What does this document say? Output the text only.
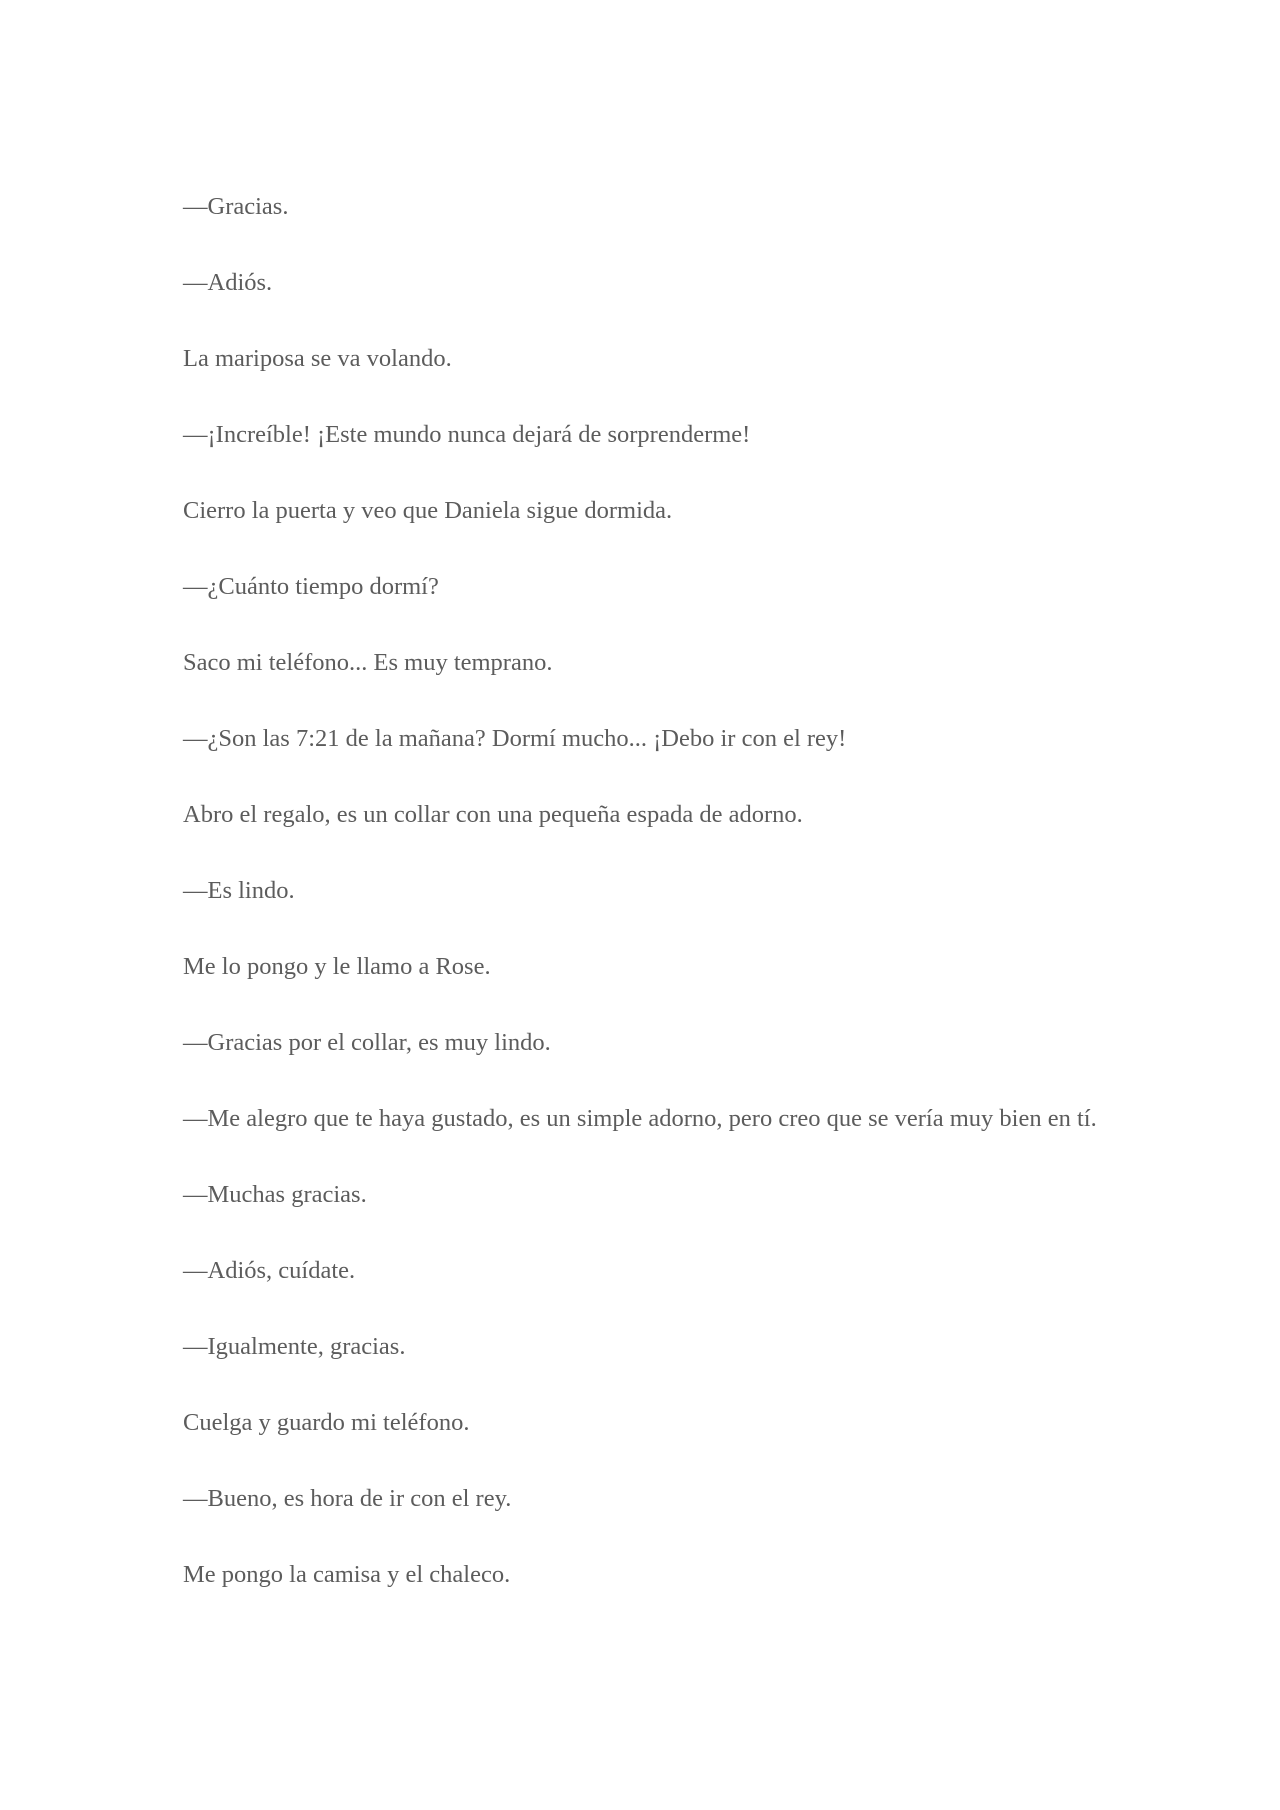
—Gracias.

—Adiós.

La mariposa se va volando.

—¡Increíble! ¡Este mundo nunca dejará de sorprenderme!

Cierro la puerta y veo que Daniela sigue dormida.

—¿Cuánto tiempo dormí?

Saco mi teléfono... Es muy temprano.

—¿Son las 7:21 de la mañana? Dormí mucho... ¡Debo ir con el rey!

Abro el regalo, es un collar con una pequeña espada de adorno.

—Es lindo.

Me lo pongo y le llamo a Rose.

—Gracias por el collar, es muy lindo.

—Me alegro que te haya gustado, es un simple adorno, pero creo que se vería muy bien en tí.

—Muchas gracias.

—Adiós, cuídate.

—Igualmente, gracias.

Cuelga y guardo mi teléfono.

—Bueno, es hora de ir con el rey.

Me pongo la camisa y el chaleco.
